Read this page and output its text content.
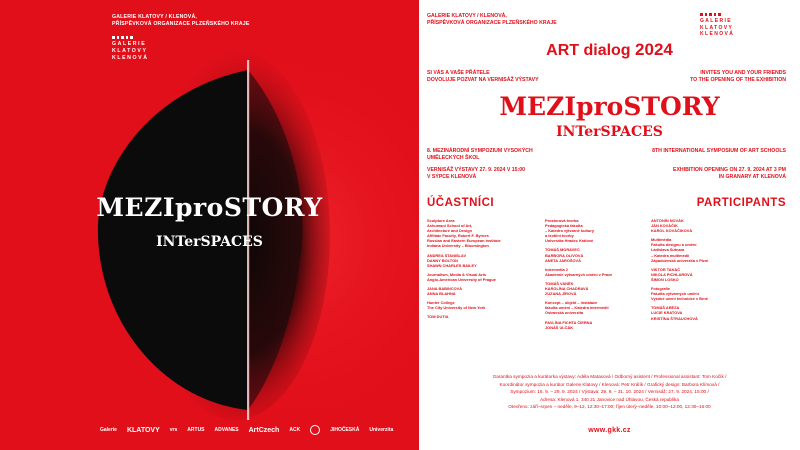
GALERIE KLATOVY / KLENOVÁ,
PŘÍSPĚVKOVÁ ORGANIZACE PLZEŇSKÉHO KRAJE
GALERIE
KLATOVY
KLENOVÁ
MEZIproSTORY
INTerSPACES
Galerie KLATOVY vrs ARTUS ADVANES ArtCzech ACK	JIHOČESKÁ Univerzita
GALERIE KLATOVY / KLENOVÁ,
PŘÍSPĚVKOVÁ ORGANIZACE PLZEŇSKÉHO KRAJE	GALERIE
KLATOVY
KLENOVÁ
ART dialog 2024
SI VÁS A VAŠE PŘÁTELE
DOVOLUJE POZVAT NA VERNISÁŽ VÝSTAVY
INVITES YOU AND YOUR FRIENDS
TO THE OPENING OF THE EXHIBITION
MEZIproSTORY
INTerSPACES
8. MEZINÁRODNÍ SYMPOZIUM VYSOKÝCH
UMĚLECKÝCH ŠKOL
VERNISÁŽ VÝSTAVY 27. 9. 2024 V 15:00
V SÝPCE KLENOVÁ
8TH INTERNATIONAL SYMPOSIUM OF ART SCHOOLS
EXHIBITION OPENING ON 27. 9. 2024 AT 3 PM
IN GRANARY AT KLENOVÁ
ÚČASTNÍCI	PARTICIPANTS
Sculpture Area
Ashumani School of Art,
Architecture and Design
Affiliate Faculty, Robert F. Byrnes
Russian and Eastern European Institute
Indiana University – Bloomington
ANDREA STANISLAV
DANNY BOLTON
SHAWN CHARLES BAILEY
Journalism, Media & Visual Arts
Anglo-American University of Prague
JANA BABINCOVÁ
ANNA BLAHNA
Hunter College
The City University of New York
TOM DUTIA
Prostorová tvorba
Pedagogická fakulta
– Katedra výtvarné kultury
a textilní tvorby
Univerzita Hradec Králové
TOMÁŠ MORAVEC
BARBORA OLIVOVÁ
ANETA JAROŠOVÁ
Intermedia 2
Akademie výtvarných umění v Praze
TOMÁŠ VANĚK
KAROLÍNA CHADRAVÁ
ZUZANA JÍROVÁ
Koncept – objekt – instalace
fakulta umění – Katedra intermédií
Ostravská univerzita
PAVLÍNA FICHTA ČIERNA
JONÁŠ ULČÁK
ANTONÍN NOVÁK
JÁN KOVÁČIK
KAROL KOVÁČIKOVÁ
Multimédia
Fakulta designu a umění
Ladislava Sutnara
– Katedra multimédií
Západočeská univerzita v Plzni
VIKTOR TAKÁČ
NIKOLA PICHLAROVÁ
ŠIMON LOSKO
Fotografie
Fakulta výtvarných umění
Vysoké učení technické v Brně
TOMÁŠ ARÉZA
LUCIE KRATOVA
KRISTÍNA ŠTRAUCHOVÁ
Garantka sympozia a kurátorka výstavy: Adéla Matasová / Odborný asistent / Professional assistant: Tom Kočík /
Koordinátor sympozia a kurátor Galerie Klatovy / Klenová: Petr Králík / Grafický design: Barbora Klímová /
Sympozium: 16. 9. – 29. 9. 2024 / Výstava: 29. 9. – 31. 10. 2024 / Vernisáž: 27. 9. 2024, 15:00 /
Adresa: Klenová 1, 340 21 Janovice nad Úhlavou, Česká republika
Otevřeno: září–srpen – neděle, 9–12, 12:30–17:00; říjen úterý–neděle, 10:00–12:00, 12:30–16:00
www.gkk.cz
